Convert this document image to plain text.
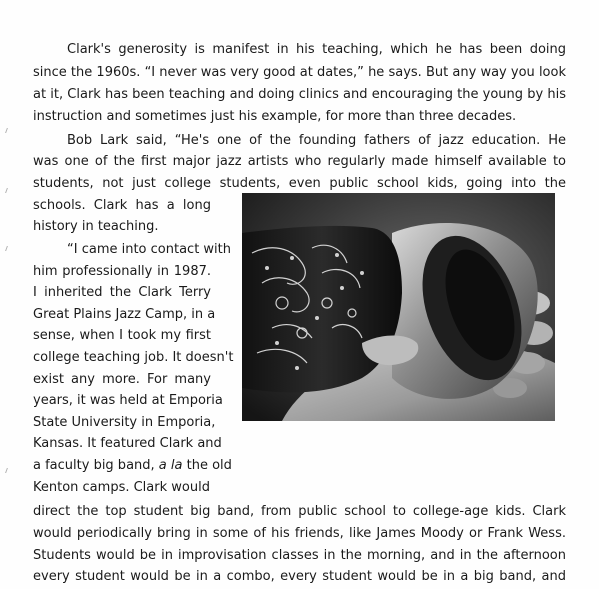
Clark's generosity is manifest in his teaching, which he has been doing
since the 1960s. “I never was very good at dates,” he says. But any way you look
at it, Clark has been teaching and doing clinics and encouraging the young by his
instruction and sometimes just his example, for more than three decades.
Bob Lark said, “He's one of the founding fathers of jazz education. He
was one of the first major jazz artists who regularly made himself available to
students, not just college students, even public school kids, going into the
schools. Clark has a long
history in teaching.
“I came into contact with
him professionally in 1987.
I inherited the Clark Terry
Great Plains Jazz Camp, in a
sense, when I took my first
college teaching job. It doesn't
exist any more. For many
years, it was held at Emporia
State University in Emporia,
Kansas. It featured Clark and
a faculty big band, a la the old
Kenton camps. Clark would
direct the top student big band, from public school to college-age kids. Clark
would periodically bring in some of his friends, like James Moody or Frank Wess.
Students would be in improvisation classes in the morning, and in the afternoon
every student would be in a combo, every student would be in a big band, and
